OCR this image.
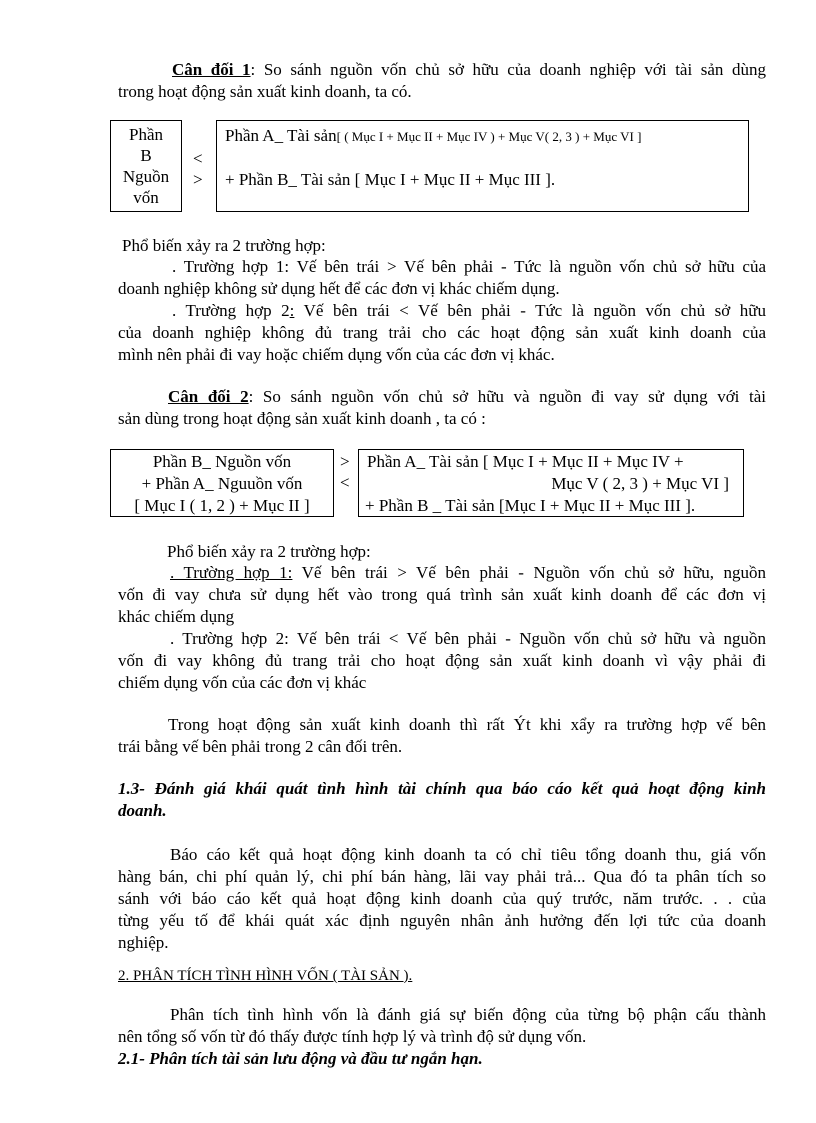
Cân đối 1: So sánh nguồn vốn chủ sở hữu của doanh nghiệp với tài sản dùng
trong hoạt động sản xuất kinh doanh, ta có.
Phần
B
Nguồn
vốn
<
>
Phần A_ Tài sản[ ( Mục I + Mục II + Mục IV ) + Mục V( 2, 3 ) + Mục VI ]
+ Phần B_ Tài sản [ Mục I + Mục II + Mục III ].
Phổ biến xảy ra 2 trường hợp:
. Trường hợp 1: Vế bên trái > Vế bên phải - Tức là nguồn vốn chủ sở hữu của
doanh nghiệp không sử dụng hết để các đơn vị khác chiếm dụng.
. Trường hợp 2: Vế bên trái < Vế bên phải - Tức là nguồn vốn chủ sở hữu
của doanh nghiệp không đủ trang trải cho các hoạt động sản xuất kinh doanh của
mình nên phải đi vay hoặc chiếm dụng vốn của các đơn vị khác.
Cân đối 2: So sánh nguồn vốn chủ sở hữu và nguồn đi vay sử dụng với tài
sản dùng trong hoạt động sản xuất kinh doanh , ta có :
Phần B_ Nguồn vốn
+ Phần A_ Nguuồn vốn
[ Mục I ( 1, 2 ) + Mục II ]
>
<
Phần A_ Tài sản [ Mục I + Mục II + Mục IV +
Mục V ( 2, 3 ) + Mục VI ]
+ Phần B _ Tài sản [Mục I + Mục II + Mục III ].
Phổ biến xảy ra 2 trường hợp:
. Trường hợp 1: Vế bên trái > Vế bên phải - Nguồn vốn chủ sở hữu, nguồn
vốn đi vay chưa sử dụng hết vào trong quá trình sản xuất kinh doanh để các đơn vị
khác chiếm dụng
. Trường hợp 2: Vế bên trái < Vế bên phải - Nguồn vốn chủ sở hữu và nguồn
vốn đi vay không đủ trang trải cho hoạt động sản xuất kinh doanh vì vậy phải đi
chiếm dụng vốn của các đơn vị khác
Trong hoạt động sản xuất kinh doanh thì rất Ýt khi xẩy ra trường hợp vế bên
trái bằng vế bên phải trong 2 cân đối trên.
1.3- Đánh giá khái quát tình hình tài chính qua báo cáo kết quả hoạt động kinh
doanh.
Báo cáo kết quả hoạt động kinh doanh ta có chỉ tiêu tổng doanh thu, giá vốn
hàng bán, chi phí quản lý, chi phí bán hàng, lãi vay phải trả... Qua đó ta phân tích so
sánh với báo cáo kết quả hoạt động kinh doanh của quý trước, năm trước. . . của
từng yếu tố để khái quát xác định nguyên nhân ảnh hưởng đến lợi tức của doanh
nghiệp.
2. PHÂN TÍCH TÌNH HÌNH VỐN ( TÀI SẢN ).
Phân tích tình hình vốn là đánh giá sự biến động của từng bộ phận cấu thành
nên tổng số vốn từ đó thấy được tính hợp lý và trình độ sử dụng vốn.
2.1- Phân tích tài sản lưu động và đầu tư ngắn hạn.
